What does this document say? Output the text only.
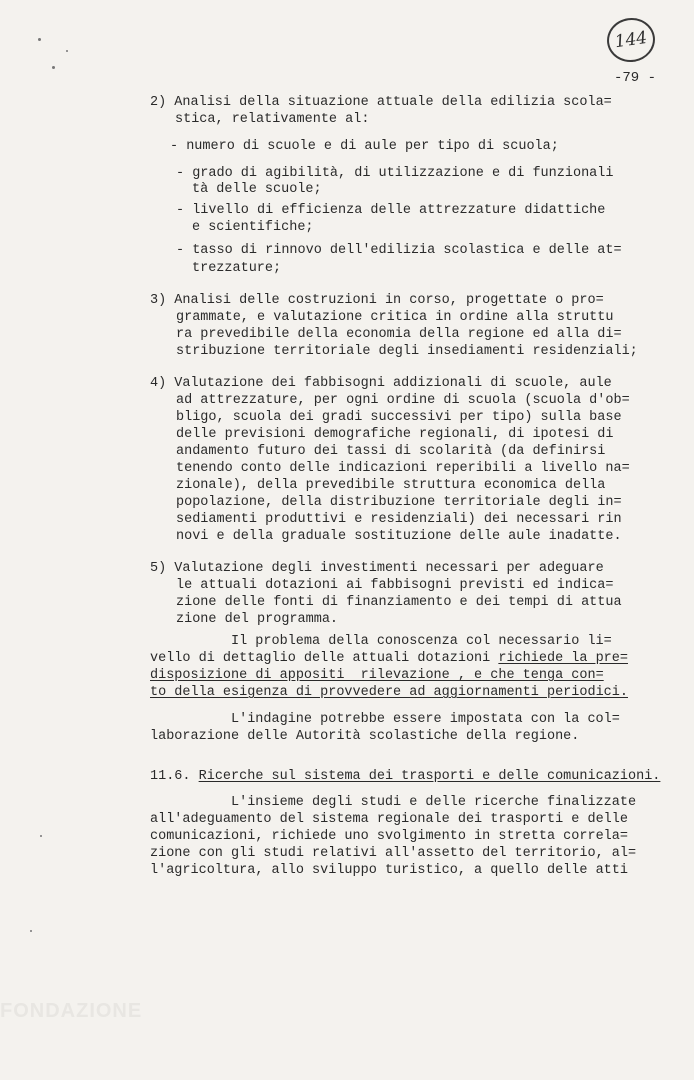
144
-79 -
2) Analisi della situazione attuale della edilizia scola=
stica, relativamente al:
- numero di scuole e di aule per tipo di scuola;
- grado di agibilità, di utilizzazione e di funzionali
tà delle scuole;
- livello di efficienza delle attrezzature didattiche
e scientifiche;
- tasso di rinnovo dell'edilizia scolastica e delle at=
trezzature;
3) Analisi delle costruzioni in corso, progettate o pro=
grammate, e valutazione critica in ordine alla struttu
ra prevedibile della economia della regione ed alla di=
stribuzione territoriale degli insediamenti residenziali;
4) Valutazione dei fabbisogni addizionali di scuole, aule
ad attrezzature, per ogni ordine di scuola (scuola d'ob=
bligo, scuola dei gradi successivi per tipo) sulla base
delle previsioni demografiche regionali, di ipotesi di
andamento futuro dei tassi di scolarità (da definirsi
tenendo conto delle indicazioni reperibili a livello na=
zionale), della prevedibile struttura economica della
popolazione, della distribuzione territoriale degli in=
sediamenti produttivi e residenziali) dei necessari rin
novi e della graduale sostituzione delle aule inadatte.
5) Valutazione degli investimenti necessari per adeguare
le attuali dotazioni ai fabbisogni previsti ed indica=
zione delle fonti di finanziamento e dei tempi di attua
zione del programma.
Il problema della conoscenza col necessario li=
vello di dettaglio delle attuali dotazioni richiede la pre=
disposizione di appositi  rilevazione , e che tenga con=
to della esigenza di provvedere ad aggiornamenti periodici.
L'indagine potrebbe essere impostata con la col=
laborazione delle Autorità scolastiche della regione.
11.6. Ricerche sul sistema dei trasporti e delle comunicazioni.
L'insieme degli studi e delle ricerche finalizzate
all'adeguamento del sistema regionale dei trasporti e delle
comunicazioni, richiede uno svolgimento in stretta correla=
zione con gli studi relativi all'assetto del territorio, al=
l'agricoltura, allo sviluppo turistico, a quello delle atti
FONDAZIONE
